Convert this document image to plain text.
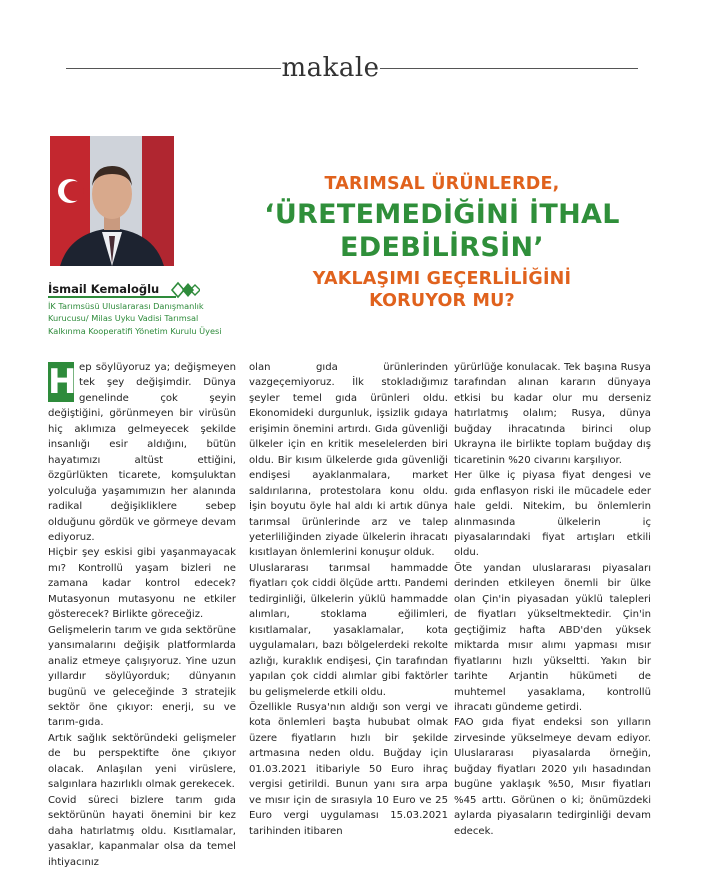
makale
İsmail Kemaloğlu
İK Tarımsüsü Uluslararası Danışmanlık
Kurucusu/ Milas Uyku Vadisi Tarımsal
Kalkınma Kooperatifi Yönetim Kurulu Üyesi
TARIMSAL ÜRÜNLERDE,
‘ÜRETEMEDİĞİNİ İTHAL
EDEBİLİRSİN’
YAKLAŞIMI GEÇERLİLİĞİNİ
KORUYOR MU?

H ep söylüyoruz ya; değişmeyen tek şey değişimdir. Dünya genelinde çok şeyin değiştiğini, görünmeyen bir virüsün hiç aklımıza gelmeyecek şekilde insanlığı esir aldığını, bütün hayatımızı altüst ettiğini, özgürlükten ticarete, komşuluktan yolculuğa yaşamımızın her alanında radikal değişikliklere sebep olduğunu gördük ve görmeye devam ediyoruz.

Hiçbir şey eskisi gibi yaşanmayacak mı? Kontrollü yaşam bizleri ne zamana kadar kontrol edecek? Mutasyonun mutasyonu ne etkiler gösterecek? Birlikte göreceğiz.

Gelişmelerin tarım ve gıda sektörüne yansımalarını değişik platformlarda analiz etmeye çalışıyoruz. Yine uzun yıllardır söylüyorduk; dünyanın bugünü ve geleceğinde 3 stratejik sektör öne çıkıyor: enerji, su ve tarım-gıda.

Artık sağlık sektöründeki gelişmeler de bu perspektifte öne çıkıyor olacak. Anlaşılan yeni virüslere, salgınlara hazırlıklı olmak gerekecek.

Covid süreci bizlere tarım gıda sektörünün hayati önemini bir kez daha hatırlatmış oldu. Kısıtlamalar, yasaklar, kapanmalar olsa da temel ihtiyacınız

olan gıda ürünlerinden vazgeçemiyoruz. İlk stokladığımız şeyler temel gıda ürünleri oldu. Ekonomideki durgunluk, işsizlik gıdaya erişimin önemini artırdı. Gıda güvenliği ülkeler için en kritik meselelerden biri oldu. Bir kısım ülkelerde gıda güvenliği endişesi ayaklanmalara, market saldırılarına, protestolara konu oldu. İşin boyutu öyle hal aldı ki artık dünya tarımsal ürünlerinde arz ve talep yeterliliğinden ziyade ülkelerin ihracatı kısıtlayan önlemlerini konuşur olduk.

Uluslararası tarımsal hammadde fiyatları çok ciddi ölçüde arttı. Pandemi tedirginliği, ülkelerin yüklü hammadde alımları, stoklama eğilimleri, kısıtlamalar, yasaklamalar, kota uygulamaları, bazı bölgelerdeki rekolte azlığı, kuraklık endişesi, Çin tarafından yapılan çok ciddi alımlar gibi faktörler bu gelişmelerde etkili oldu.

Özellikle Rusya'nın aldığı son vergi ve kota önlemleri başta hububat olmak üzere fiyatların hızlı bir şekilde artmasına neden oldu. Buğday için 01.03.2021 itibariyle 50 Euro ihraç vergisi getirildi. Bunun yanı sıra arpa ve mısır için de sırasıyla 10 Euro ve 25 Euro vergi uygulaması 15.03.2021 tarihinden itibaren

yürürlüğe konulacak. Tek başına Rusya tarafından alınan kararın dünyaya etkisi bu kadar olur mu derseniz hatırlatmış olalım; Rusya, dünya buğday ihracatında birinci olup Ukrayna ile birlikte toplam buğday dış ticaretinin %20 civarını karşılıyor.

Her ülke iç piyasa fiyat dengesi ve gıda enflasyon riski ile mücadele eder hale geldi. Nitekim, bu önlemlerin alınmasında ülkelerin iç piyasalarındaki fiyat artışları etkili oldu.

Öte yandan uluslararası piyasaları derinden etkileyen önemli bir ülke olan Çin'in piyasadan yüklü talepleri de fiyatları yükseltmektedir. Çin'in geçtiğimiz hafta ABD'den yüksek miktarda mısır alımı yapması mısır fiyatlarını hızlı yükseltti. Yakın bir tarihte Arjantin hükümeti de muhtemel yasaklama, kontrollü ihracatı gündeme getirdi.

FAO gıda fiyat endeksi son yılların zirvesinde yükselmeye devam ediyor. Uluslararası piyasalarda örneğin, buğday fiyatları 2020 yılı hasadından bugüne yaklaşık %50, Mısır fiyatları %45 arttı. Görünen o ki; önümüzdeki aylarda piyasaların tedirginliği devam edecek.
